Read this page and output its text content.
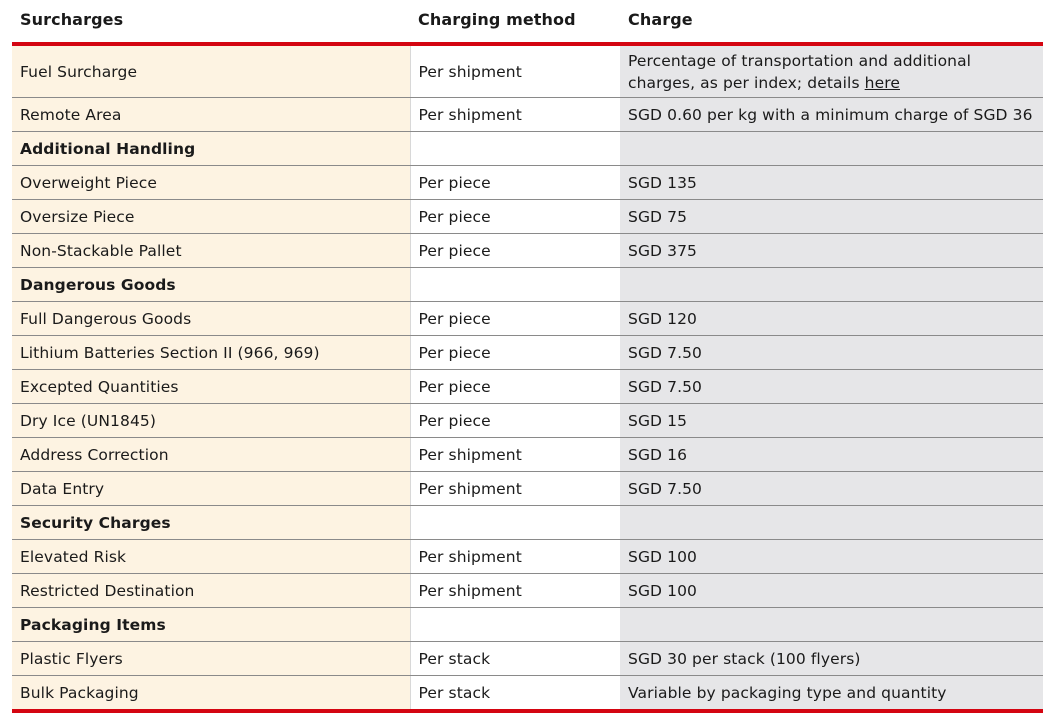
Surcharges	Charging method	Charge
Fuel Surcharge	Per shipment	Percentage of transportation and additional charges, as per index; details here
Remote Area	Per shipment	SGD 0.60 per kg with a minimum charge of SGD 36
Additional Handling		
Overweight Piece	Per piece	SGD 135
Oversize Piece	Per piece	SGD 75
Non-Stackable Pallet	Per piece	SGD 375
Dangerous Goods		
Full Dangerous Goods	Per piece	SGD 120
Lithium Batteries Section II (966, 969)	Per piece	SGD 7.50
Excepted Quantities	Per piece	SGD 7.50
Dry Ice (UN1845)	Per piece	SGD 15
Address Correction	Per shipment	SGD 16
Data Entry	Per shipment	SGD 7.50
Security Charges		
Elevated Risk	Per shipment	SGD 100
Restricted Destination	Per shipment	SGD 100
Packaging Items		
Plastic Flyers	Per stack	SGD 30 per stack (100 flyers)
Bulk Packaging	Per stack	Variable by packaging type and quantity
